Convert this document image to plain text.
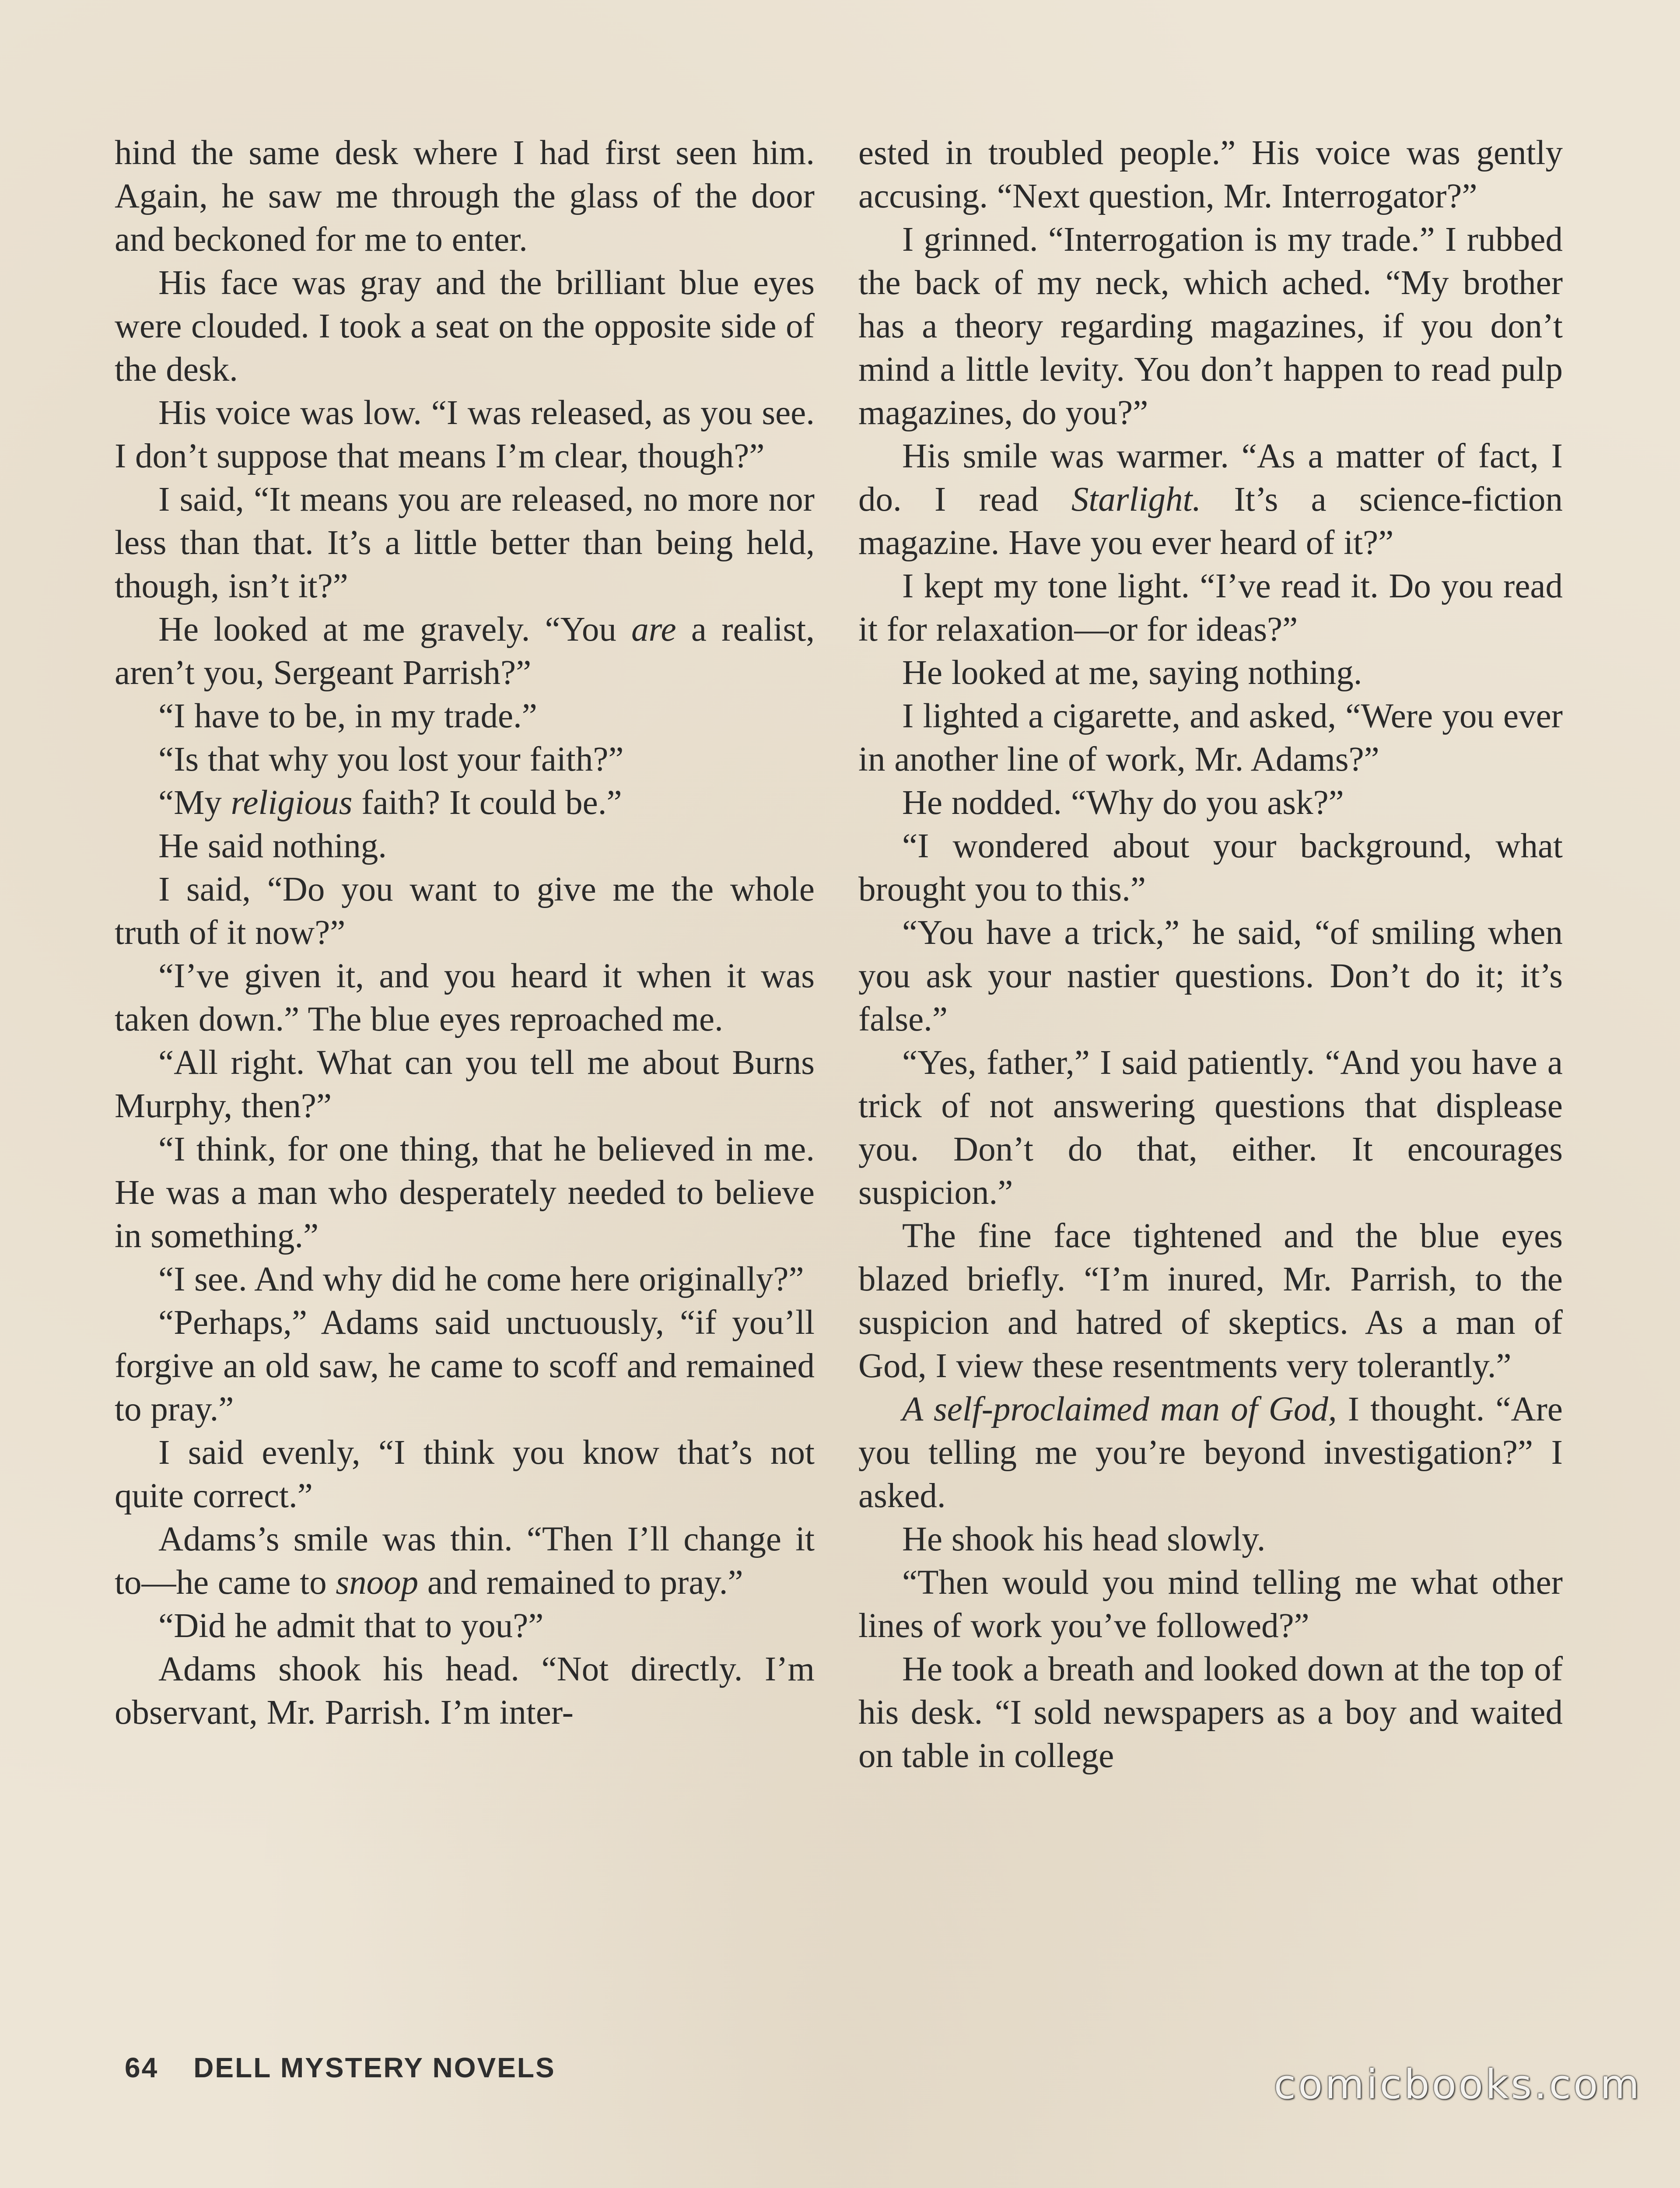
hind the same desk where I had first seen him. Again, he saw me through the glass of the door and beckoned for me to enter.

His face was gray and the brilliant blue eyes were clouded. I took a seat on the opposite side of the desk.

His voice was low. “I was released, as you see. I don’t suppose that means I’m clear, though?”

I said, “It means you are released, no more nor less than that. It’s a little better than being held, though, isn’t it?”

He looked at me gravely. “You are a realist, aren’t you, Sergeant Parrish?”

“I have to be, in my trade.”

“Is that why you lost your faith?”

“My religious faith? It could be.”

He said nothing.

I said, “Do you want to give me the whole truth of it now?”

“I’ve given it, and you heard it when it was taken down.” The blue eyes reproached me.

“All right. What can you tell me about Burns Murphy, then?”

“I think, for one thing, that he believed in me. He was a man who desperately needed to believe in something.”

“I see. And why did he come here originally?”

“Perhaps,” Adams said unctuously, “if you’ll forgive an old saw, he came to scoff and remained to pray.”

I said evenly, “I think you know that’s not quite correct.”

Adams’s smile was thin. “Then I’ll change it to—he came to snoop and remained to pray.”

“Did he admit that to you?”

Adams shook his head. “Not directly. I’m observant, Mr. Parrish. I’m inter-

ested in troubled people.” His voice was gently accusing. “Next question, Mr. Interrogator?”

I grinned. “Interrogation is my trade.” I rubbed the back of my neck, which ached. “My brother has a theory regarding magazines, if you don’t mind a little levity. You don’t happen to read pulp magazines, do you?”

His smile was warmer. “As a matter of fact, I do. I read Starlight. It’s a science-fiction magazine. Have you ever heard of it?”

I kept my tone light. “I’ve read it. Do you read it for relaxation—or for ideas?”

He looked at me, saying nothing.

I lighted a cigarette, and asked, “Were you ever in another line of work, Mr. Adams?”

He nodded. “Why do you ask?”

“I wondered about your background, what brought you to this.”

“You have a trick,” he said, “of smiling when you ask your nastier questions. Don’t do it; it’s false.”

“Yes, father,” I said patiently. “And you have a trick of not answering questions that displease you. Don’t do that, either. It encourages suspicion.”

The fine face tightened and the blue eyes blazed briefly. “I’m inured, Mr. Parrish, to the suspicion and hatred of skeptics. As a man of God, I view these resentments very tolerantly.”

A self-proclaimed man of God, I thought. “Are you telling me you’re beyond investigation?” I asked.

He shook his head slowly.

“Then would you mind telling me what other lines of work you’ve followed?”

He took a breath and looked down at the top of his desk. “I sold newspapers as a boy and waited on table in college

64 DELL MYSTERY NOVELS	comicbooks.com
